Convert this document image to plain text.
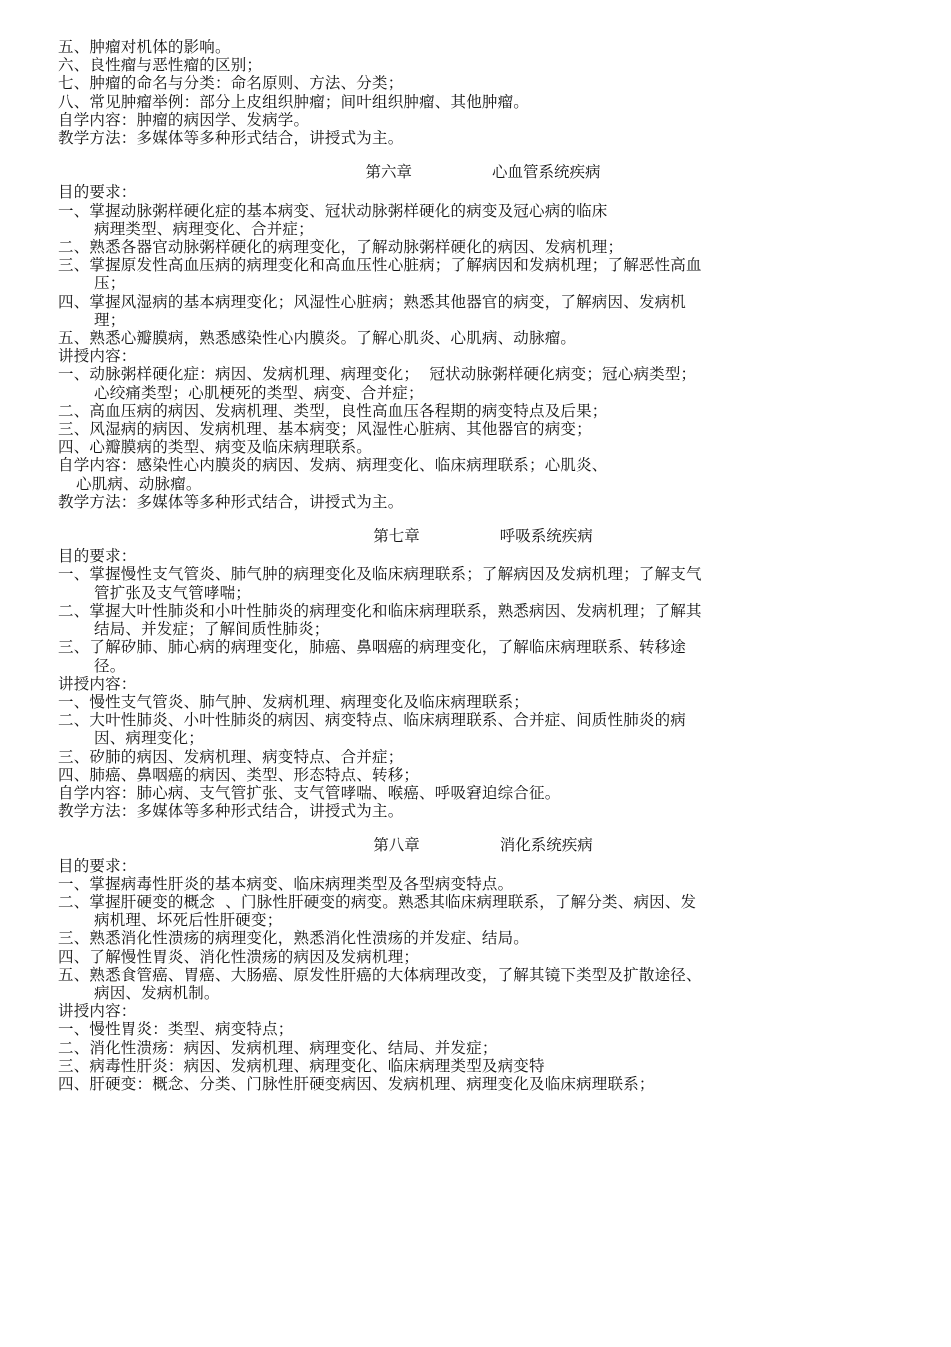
五、肿瘤对机体的影响。
六、良性瘤与恶性瘤的区别；
七、肿瘤的命名与分类：命名原则、方法、分类；
八、常见肿瘤举例：部分上皮组织肿瘤；间叶组织肿瘤、其他肿瘤。
自学内容：肿瘤的病因学、发病学。
教学方法：多媒体等多种形式结合，讲授式为主。
第六章	心血管系统疾病
目的要求：
一、掌握动脉粥样硬化症的基本病变、冠状动脉粥样硬化的病变及冠心病的临床
病理类型、病理变化、合并症；
二、熟悉各器官动脉粥样硬化的病理变化，了解动脉粥样硬化的病因、发病机理；
三、掌握原发性高血压病的病理变化和高血压性心脏病；了解病因和发病机理；了解恶性高血
压；
四、掌握风湿病的基本病理变化；风湿性心脏病；熟悉其他器官的病变，了解病因、发病机
理；
五、熟悉心瓣膜病，熟悉感染性心内膜炎。了解心肌炎、心肌病、动脉瘤。
讲授内容：
一、动脉粥样硬化症：病因、发病机理、病理变化；  冠状动脉粥样硬化病变；冠心病类型；
心绞痛类型；心肌梗死的类型、病变、合并症；
二、高血压病的病因、发病机理、类型，良性高血压各程期的病变特点及后果；
三、风湿病的病因、发病机理、基本病变；风湿性心脏病、其他器官的病变；
四、心瓣膜病的类型、病变及临床病理联系。
自学内容：感染性心内膜炎的病因、发病、病理变化、临床病理联系；心肌炎、
心肌病、动脉瘤。
教学方法：多媒体等多种形式结合，讲授式为主。
第七章	呼吸系统疾病
目的要求：
一、掌握慢性支气管炎、肺气肿的病理变化及临床病理联系；了解病因及发病机理；了解支气
管扩张及支气管哮喘；
二、掌握大叶性肺炎和小叶性肺炎的病理变化和临床病理联系，熟悉病因、发病机理；了解其
结局、并发症；了解间质性肺炎；
三、了解矽肺、肺心病的病理变化，肺癌、鼻咽癌的病理变化，了解临床病理联系、转移途
径。
讲授内容：
一、慢性支气管炎、肺气肿、发病机理、病理变化及临床病理联系；
二、大叶性肺炎、小叶性肺炎的病因、病变特点、临床病理联系、合并症、间质性肺炎的病
因、病理变化；
三、矽肺的病因、发病机理、病变特点、合并症；
四、肺癌、鼻咽癌的病因、类型、形态特点、转移；
自学内容：肺心病、支气管扩张、支气管哮喘、喉癌、呼吸窘迫综合征。
教学方法：多媒体等多种形式结合，讲授式为主。
第八章	消化系统疾病
目的要求：
一、掌握病毒性肝炎的基本病变、临床病理类型及各型病变特点。
二、掌握肝硬变的概念  、门脉性肝硬变的病变。熟悉其临床病理联系，了解分类、病因、发
病机理、坏死后性肝硬变；
三、熟悉消化性溃疡的病理变化，熟悉消化性溃疡的并发症、结局。
四、了解慢性胃炎、消化性溃疡的病因及发病机理；
五、熟悉食管癌、胃癌、大肠癌、原发性肝癌的大体病理改变，了解其镜下类型及扩散途径、
病因、发病机制。
讲授内容：
一、慢性胃炎：类型、病变特点；
二、消化性溃疡：病因、发病机理、病理变化、结局、并发症；
三、病毒性肝炎：病因、发病机理、病理变化、临床病理类型及病变特
四、肝硬变：概念、分类、门脉性肝硬变病因、发病机理、病理变化及临床病理联系；
